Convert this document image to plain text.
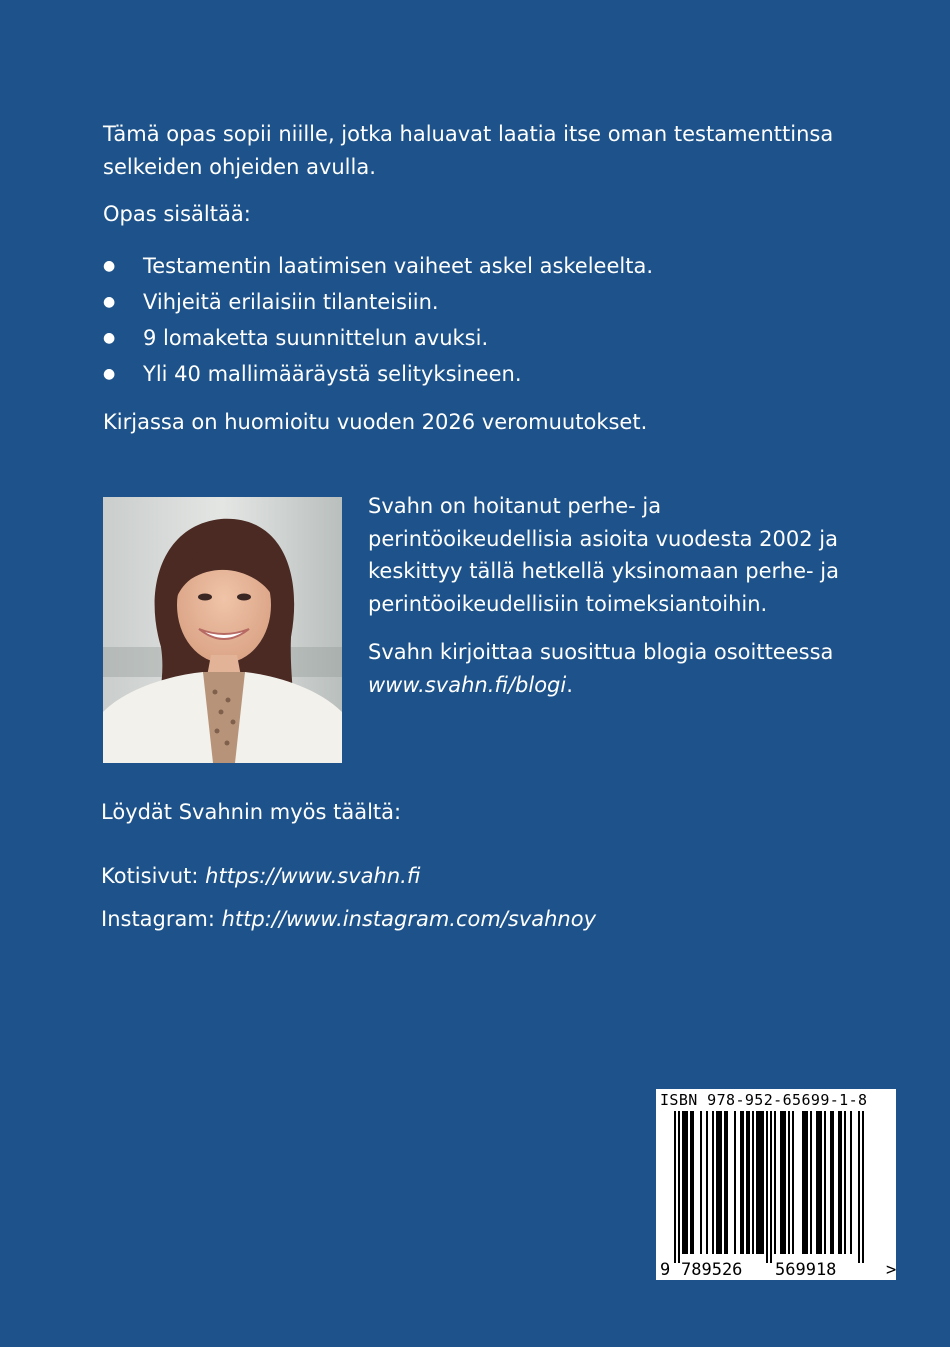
Tämä opas sopii niille, jotka haluavat laatia itse oman testamenttinsa selkeiden ohjeiden avulla.

Opas sisältää:

● Testamentin laatimisen vaiheet askel askeleelta.
● Vihjeitä erilaisiin tilanteisiin.
● 9 lomaketta suunnittelun avuksi.
● Yli 40 mallimääräystä selityksineen.

Kirjassa on huomioitu vuoden 2026 veromuutokset.

Svahn on hoitanut perhe- ja perintöoikeudellisia asioita vuodesta 2002 ja keskittyy tällä hetkellä yksinomaan perhe- ja perintöoikeudellisiin toimeksiantoihin.

Svahn kirjoittaa suosittua blogia osoitteessa www.svahn.fi/blogi.

Löydät Svahnin myös täältä:

Kotisivut: https://www.svahn.fi

Instagram: http://www.instagram.com/svahnoy

ISBN 978-952-65699-1-8
9 789526 569918	>
